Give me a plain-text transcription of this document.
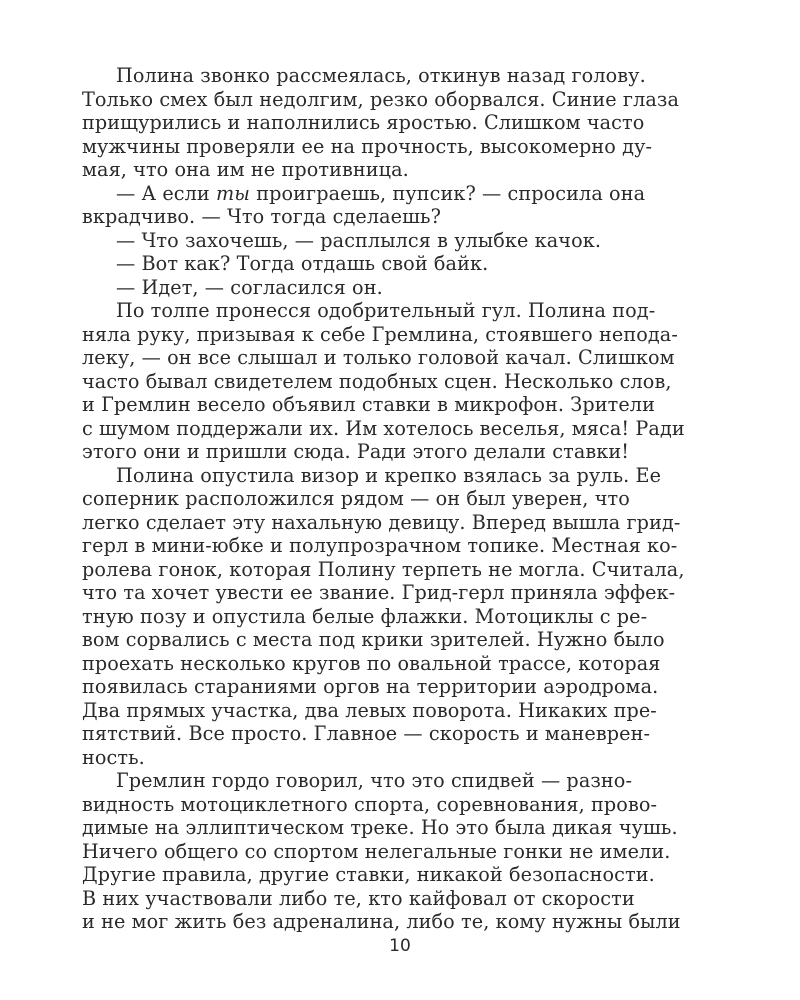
Полина звонко рассмеялась, откинув назад голову.
Только смех был недолгим, резко оборвался. Синие глаза
прищурились и наполнились яростью. Слишком часто
мужчины проверяли ее на прочность, высокомерно ду-
мая, что она им не противница.
— А если ты проиграешь, пупсик? — спросила она
вкрадчиво. — Что тогда сделаешь?
— Что захочешь, — расплылся в улыбке качок.
— Вот как? Тогда отдашь свой байк.
— Идет, — согласился он.
По толпе пронесся одобрительный гул. Полина под-
няла руку, призывая к себе Гремлина, стоявшего непода-
леку, — он все слышал и только головой качал. Слишком
часто бывал свидетелем подобных сцен. Несколько слов,
и Гремлин весело объявил ставки в микрофон. Зрители
с шумом поддержали их. Им хотелось веселья, мяса! Ради
этого они и пришли сюда. Ради этого делали ставки!
Полина опустила визор и крепко взялась за руль. Ее
соперник расположился рядом — он был уверен, что
легко сделает эту нахальную девицу. Вперед вышла грид-
герл в мини-юбке и полупрозрачном топике. Местная ко-
ролева гонок, которая Полину терпеть не могла. Считала,
что та хочет увести ее звание. Грид-герл приняла эффек-
тную позу и опустила белые флажки. Мотоциклы с ре-
вом сорвались с места под крики зрителей. Нужно было
проехать несколько кругов по овальной трассе, которая
появилась стараниями оргов на территории аэродрома.
Два прямых участка, два левых поворота. Никаких пре-
пятствий. Все просто. Главное — скорость и маневрен-
ность.
Гремлин гордо говорил, что это спидвей — разно-
видность мотоциклетного спорта, соревнования, прово-
димые на эллиптическом треке. Но это была дикая чушь.
Ничего общего со спортом нелегальные гонки не имели.
Другие правила, другие ставки, никакой безопасности.
В них участвовали либо те, кто кайфовал от скорости
и не мог жить без адреналина, либо те, кому нужны были
10
